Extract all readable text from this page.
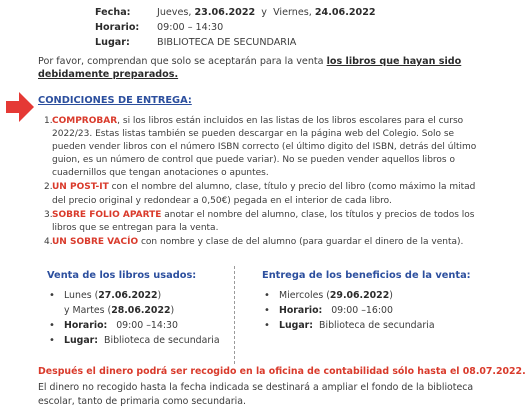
Fecha:	Jueves, 23.06.2022  y  Viernes, 24.06.2022
Horario: 09:00 – 14:30
Lugar:	BIBLIOTECA DE SECUNDARIA
Por favor, comprendan que solo se aceptarán para la venta los libros que hayan sido debidamente preparados.
CONDICIONES DE ENTREGA:
1. COMPROBAR, si los libros están incluidos en las listas de los libros escolares para el curso 2022/23. Estas listas también se pueden descargar en la página web del Colegio. Solo se pueden vender libros con el número ISBN correcto (el último digito del ISBN, detrás del último guion, es un número de control que puede variar). No se pueden vender aquellos libros o cuadernillos que tengan anotaciones o apuntes.
2. UN POST-IT con el nombre del alumno, clase, título y precio del libro (como máximo la mitad del precio original y redondear a 0,50€) pegada en el interior de cada libro.
3. SOBRE FOLIO APARTE anotar el nombre del alumno, clase, los títulos y precios de todos los libros que se entregan para la venta.
4. UN SOBRE VACÍO con nombre y clase de del alumno (para guardar el dinero de la venta).
Venta de los libros usados:
• Lunes (27.06.2022)
y Martes (28.06.2022)
• Horario: 09:00 –14:30
• Lugar: Biblioteca de secundaria
Entrega de los beneficios de la venta:
• Miercoles (29.06.2022)
• Horario: 09:00 –16:00
• Lugar: Biblioteca de secundaria
Después el dinero podrá ser recogido en la oficina de contabilidad sólo hasta el 08.07.2022.
El dinero no recogido hasta la fecha indicada se destinará a ampliar el fondo de la biblioteca escolar, tanto de primaria como secundaria.
